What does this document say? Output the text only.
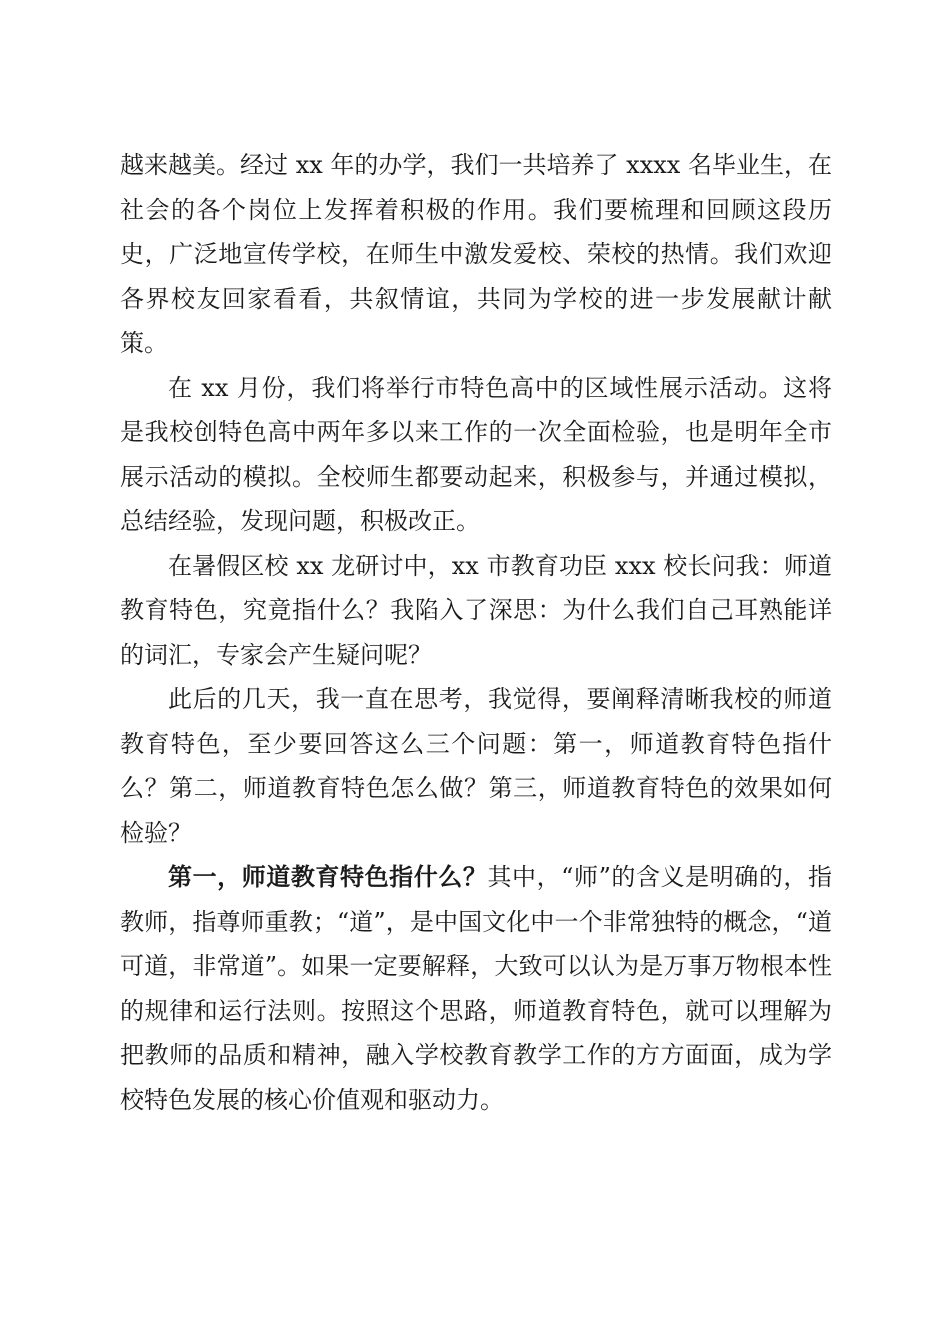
越来越美。经过 xx 年的办学，我们一共培养了 xxxx 名毕业生，在社会的各个岗位上发挥着积极的作用。我们要梳理和回顾这段历史，广泛地宣传学校，在师生中激发爱校、荣校的热情。我们欢迎各界校友回家看看，共叙情谊，共同为学校的进一步发展献计献策。

在 xx 月份，我们将举行市特色高中的区域性展示活动。这将是我校创特色高中两年多以来工作的一次全面检验，也是明年全市展示活动的模拟。全校师生都要动起来，积极参与，并通过模拟，总结经验，发现问题，积极改正。

在暑假区校 xx 龙研讨中，xx 市教育功臣 xxx 校长问我：师道教育特色，究竟指什么？我陷入了深思：为什么我们自己耳熟能详的词汇，专家会产生疑问呢？

此后的几天，我一直在思考，我觉得，要阐释清晰我校的师道教育特色，至少要回答这么三个问题：第一，师道教育特色指什么？第二，师道教育特色怎么做？第三，师道教育特色的效果如何检验？

第一，师道教育特色指什么？其中，“师”的含义是明确的，指教师，指尊师重教；“道”，是中国文化中一个非常独特的概念，“道可道，非常道”。如果一定要解释，大致可以认为是万事万物根本性的规律和运行法则。按照这个思路，师道教育特色，就可以理解为把教师的品质和精神，融入学校教育教学工作的方方面面，成为学校特色发展的核心价值观和驱动力。
